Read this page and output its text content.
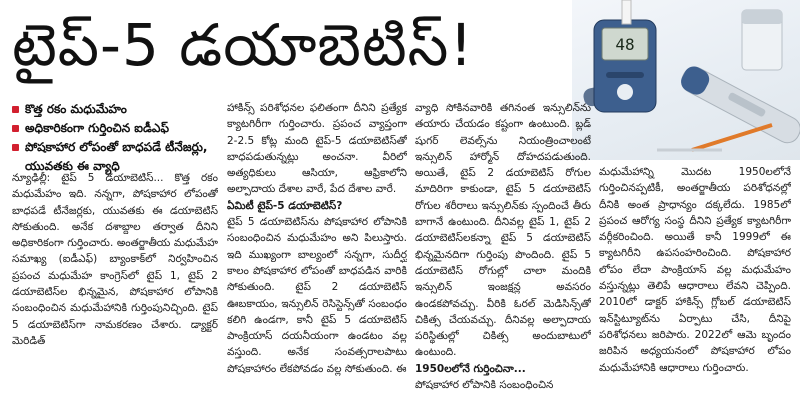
టైప్-5 డయాబెటిస్!	48
కొత్త రకం మధుమేహం
అధికారికంగా గుర్తించిన ఐడీఎఫ్
పోషకాహార లోపంతో బాధపడే టీనేజర్లు, యువతకు ఈ వ్యాధి

న్యూఢిల్లీ: టైప్ 5 డయాబెటిస్... కొత్త రకం మధుమేహం ఇది. నన్నగా, పోషకాహార లోపంతో బాధపడే టీనేజర్లకు, యువతకు ఈ డయాబెటిస్ సోకుతుంది. అనేక దశాబ్దాల తర్వాత దీనిని అధికారికంగా గుర్తించారు. అంతర్జాతీయ మధుమేహ సమాఖ్య (ఐడీఎఫ్) బ్యాంకాక్‌లో నిర్వహించిన ప్రపంచ మధుమేహ కాంగ్రెస్‌లో టైప్ 1, టైప్ 2 డయాబెటిస్‌ల భిన్నమైన, పోషకాహార లోపానికి సంబంధించిన మధుమేహానికి గుర్తింపునిచ్చింది. టైప్ 5 డయాబెటిస్‌గా నామకరణం చేశారు. డ్యాక్టర్ మెరిడిత్

హాకిన్స్ పరిశోధనల ఫలితంగా దీనిని ప్రత్యేక క్యాటగిరీగా గుర్తించారు. ప్రపంచ వ్యాప్తంగా 2-2.5 కోట్ల మంది టైప్-5 డయాబెటిస్‌తో బాధపడుతున్నట్లు అంచనా. వీరిలో అత్యధికులు ఆసియా, ఆఫ్రికాలోని అల్పాదాయ దేశాల వారే, పేద దేశాల వారే.

ఏమిటీ టైప్-5 డయాబెటిస్?

టైప్ 5 డయాబెటిస్‌ను పోషకాహార లోపానికి సంబంధించిన మధుమేహం అని పిలుస్తారు. ఇది ముఖ్యంగా బాల్యంలో సన్నగా, సుదీర్ఘ కాలం పోషకాహార లోపంతో బాధపడిన వారికి సోకుతుంది. టైప్ 2 డయాబెటిస్ ఊబకాయం, ఇన్సులిన్ రెసిస్టెన్స్‌తో సంబంధం కలిగి ఉండగా, కానీ టైప్ 5 డయాబెటిస్ పాంక్రియాస్ దయనీయంగా ఉండటం వల్ల వస్తుంది. అనేక సంవత్సరాలపాటు పోషకాహారం లేకపోవడం వల్ల సోకుతుంది. ఈ

వ్యాధి సోకినవారికి తగినంత ఇన్సులిన్‌ను తయారు చేయడం కష్టంగా ఉంటుంది. బ్లడ్ షుగర్ లెవల్స్‌ను నియంత్రించాలంటే ఇన్సులిన్ హార్మోన్ దోహదపడుతుంది. అయితే, టైప్ 2 డయాబెటిస్ రోగుల మాదిరిగా కాకుండా, టైప్ 5 డయాబెటిస్ రోగుల శరీరాలు ఇన్సులిన్‌కు స్పందించే తీరు బాగానే ఉంటుంది. దీనివల్ల టైప్ 1, టైప్ 2 డయాబెటిస్‌లకన్నా టైప్ 5 డయాబెటిస్ భిన్నమైనదిగా గుర్తింపు పొందింది. టైప్ 5 డయాబెటిస్ రోగుల్లో చాలా మందికి ఇన్సులిన్ ఇంజక్షన్ల అవసరం ఉండకపోవచ్చు. వీరికి ఓరల్ మెడిసిన్స్‌తో చికిత్స చేయవచ్చు. దీనివల్ల అల్పాదాయ పరిస్థితుల్లో చికిత్స అందుబాటులో ఉంటుంది.

1950లలోనే గుర్తించినా...

పోషకాహార లోపానికి సంబంధించిన

మధుమేహాన్ని మొదట 1950లలోనే గుర్తించినప్పటికీ, అంతర్జాతీయ పరిశోధనల్లో దీనికి అంత ప్రాధాన్యం దక్కలేదు. 1985లో ప్రపంచ ఆరోగ్య సంస్థ దీనిని ప్రత్యేక క్యాటగిరీగా వర్గీకరించింది. అయితే కానీ 1999లో ఈ క్యాటగిరీని ఉపసంహరించింది. పోషకాహార లోపం లేదా పాంక్రియాస్ వల్ల మధుమేహం వస్తున్నట్లు తెలిపే ఆధారాలు లేవని చెప్పింది. 2010లో డాక్టర్ హాకిన్స్ గ్లోబల్ డయాబెటిస్ ఇన్‌స్టిట్యూట్‌ను ఏర్పాటు చేసి, దీనిపై పరిశోధనలు జరిపారు. 2022లో ఆమె బృందం జరిపిన అధ్యయనంలో పోషకాహార లోపం మధుమేహానికి ఆధారాలు గుర్తించారు.
